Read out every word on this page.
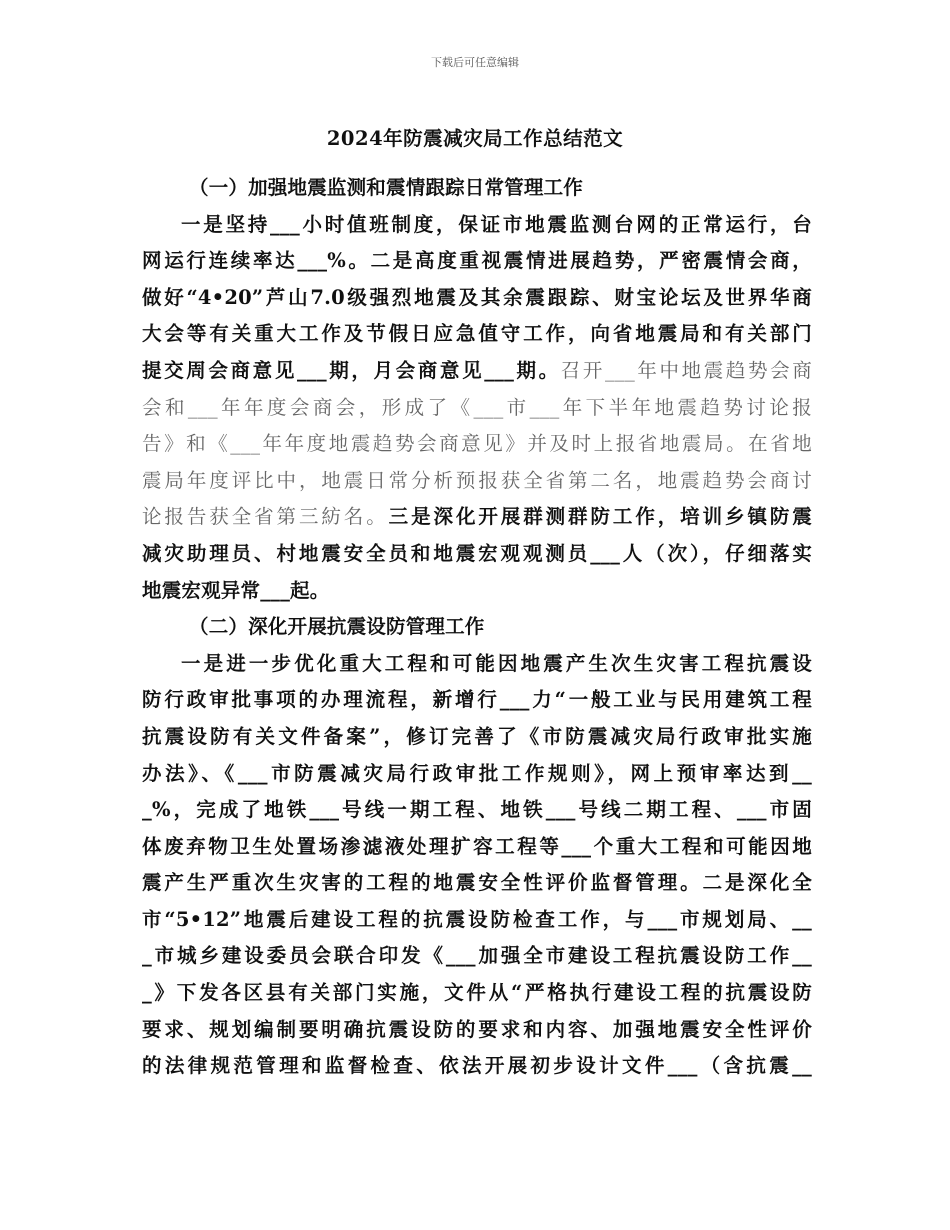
下载后可任意编辑
2024年防震减灾局工作总结范文
（一）加强地震监测和震情跟踪日常管理工作
一是坚持___小时值班制度，保证市地震监测台网的正常运行，台
网运行连续率达___%。二是高度重视震情进展趋势，严密震情会商，
做好“4•20”芦山7.0级强烈地震及其余震跟踪、财宝论坛及世界华商
大会等有关重大工作及节假日应急值守工作，向省地震局和有关部门
提交周会商意见___期，月会商意见___期。召开___年中地震趋势会商
会和___年年度会商会，形成了《___市___年下半年地震趋势讨论报
告》和《___年年度地震趋势会商意见》并及时上报省地震局。在省地
震局年度评比中，地震日常分析预报获全省第二名，地震趋势会商讨
论报告获全省第三紡名。三是深化开展群测群防工作，培训乡镇防震
减灾助理员、村地震安全员和地震宏观观测员___人（次），仔细落实
地震宏观异常___起。
（二）深化开展抗震设防管理工作
一是进一步优化重大工程和可能因地震产生次生灾害工程抗震设
防行政审批事项的办理流程，新增行___力“一般工业与民用建筑工程
抗震设防有关文件备案”，修订完善了《市防震减灾局行政审批实施
办法》、《___市防震减灾局行政审批工作规则》，网上预审率达到__
_%，完成了地铁___号线一期工程、地铁___号线二期工程、___市固
体废弃物卫生处置场渗滤液处理扩容工程等___个重大工程和可能因地
震产生严重次生灾害的工程的地震安全性评价监督管理。二是深化全
市“5•12”地震后建设工程的抗震设防检查工作，与___市规划局、__
_市城乡建设委员会联合印发《___加强全市建设工程抗震设防工作__
_》下发各区县有关部门实施，文件从“严格执行建设工程的抗震设防
要求、规划编制要明确抗震设防的要求和内容、加强地震安全性评价
的法律规范管理和监督检查、依法开展初步设计文件___（含抗震__
